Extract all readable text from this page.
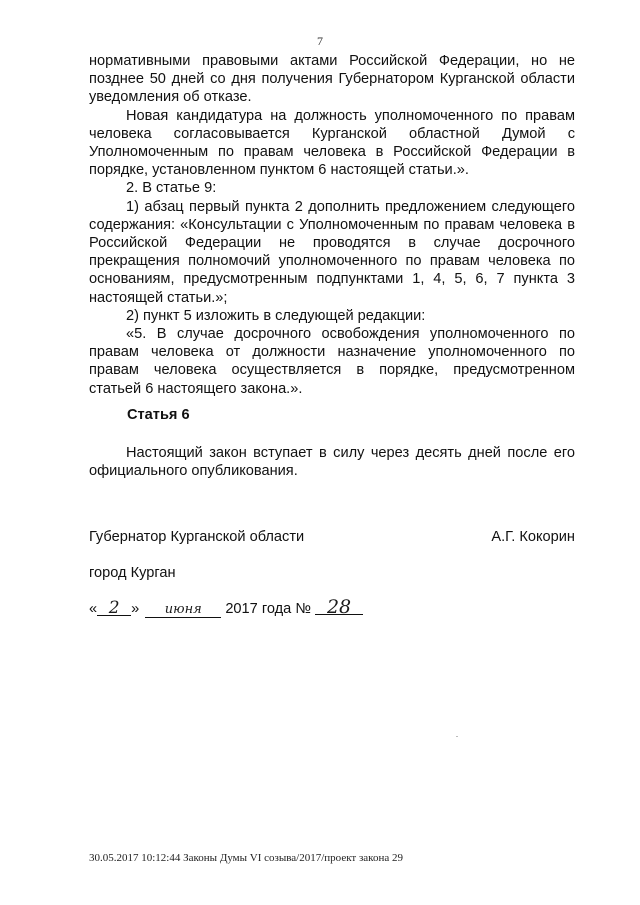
7

нормативными правовыми актами Российской Федерации, но не позднее 50 дней со дня получения Губернатором Курганской области уведомления об отказе.

Новая кандидатура на должность уполномоченного по правам человека согласовывается Курганской областной Думой с Уполномоченным по правам человека в Российской Федерации в порядке, установленном пунктом 6 настоящей статьи.».

2. В статье 9:

1) абзац первый пункта 2 дополнить предложением следующего содержания: «Консультации с Уполномоченным по правам человека в Российской Федерации не проводятся в случае досрочного прекращения полномочий уполномоченного по правам человека по основаниям, предусмотренным подпунктами 1, 4, 5, 6, 7 пункта 3 настоящей статьи.»;

2) пункт 5 изложить в следующей редакции:

«5. В случае досрочного освобождения уполномоченного по правам человека от должности назначение уполномоченного по правам человека осуществляется в порядке, предусмотренном статьей 6 настоящего закона.».

Статья 6

Настоящий закон вступает в силу через десять дней после его официального опубликования.

Губернатор Курганской области	А.Г. Кокорин
город Курган
« 2 » июня 2017 года № 28
30.05.2017 10:12:44 Законы Думы VI созыва/2017/проект закона 29
